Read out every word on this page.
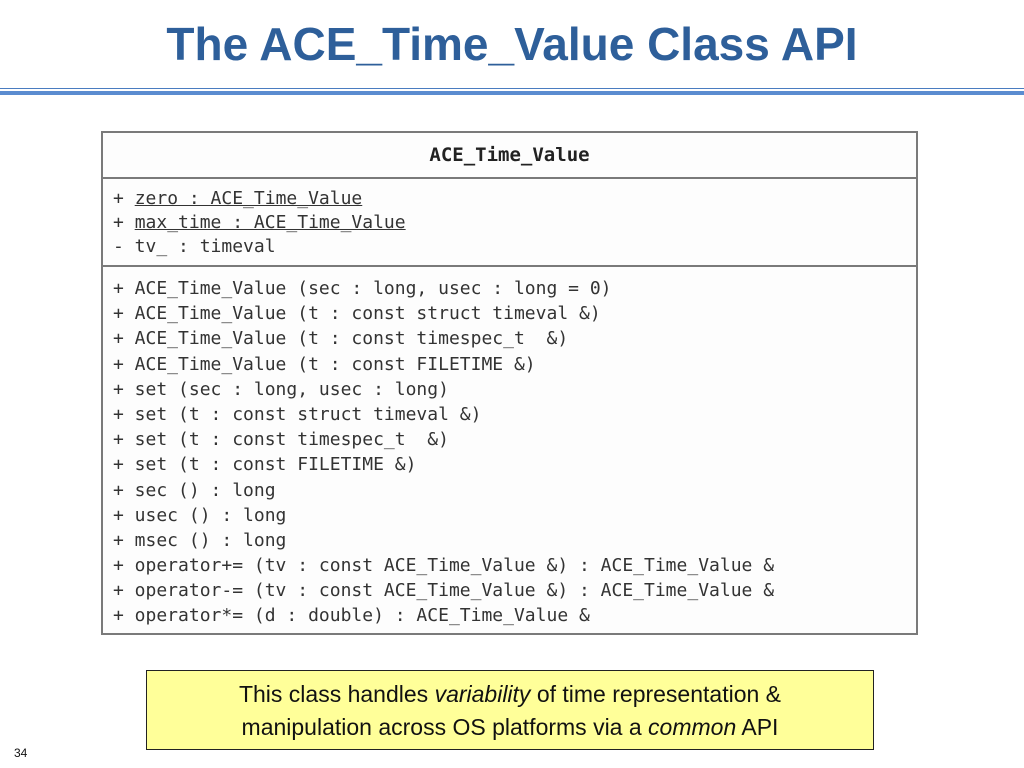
The ACE_Time_Value Class API
ACE_Time_Value
+ zero : ACE_Time_Value
+ max_time : ACE_Time_Value
- tv_ : timeval
+ ACE_Time_Value (sec : long, usec : long = 0)
+ ACE_Time_Value (t : const struct timeval &)
+ ACE_Time_Value (t : const timespec_t  &)
+ ACE_Time_Value (t : const FILETIME &)
+ set (sec : long, usec : long)
+ set (t : const struct timeval &)
+ set (t : const timespec_t  &)
+ set (t : const FILETIME &)
+ sec () : long
+ usec () : long
+ msec () : long
+ operator+= (tv : const ACE_Time_Value &) : ACE_Time_Value &
+ operator-= (tv : const ACE_Time_Value &) : ACE_Time_Value &
+ operator*= (d : double) : ACE_Time_Value &
This class handles variability of time representation &
manipulation across OS platforms via a common API
34
